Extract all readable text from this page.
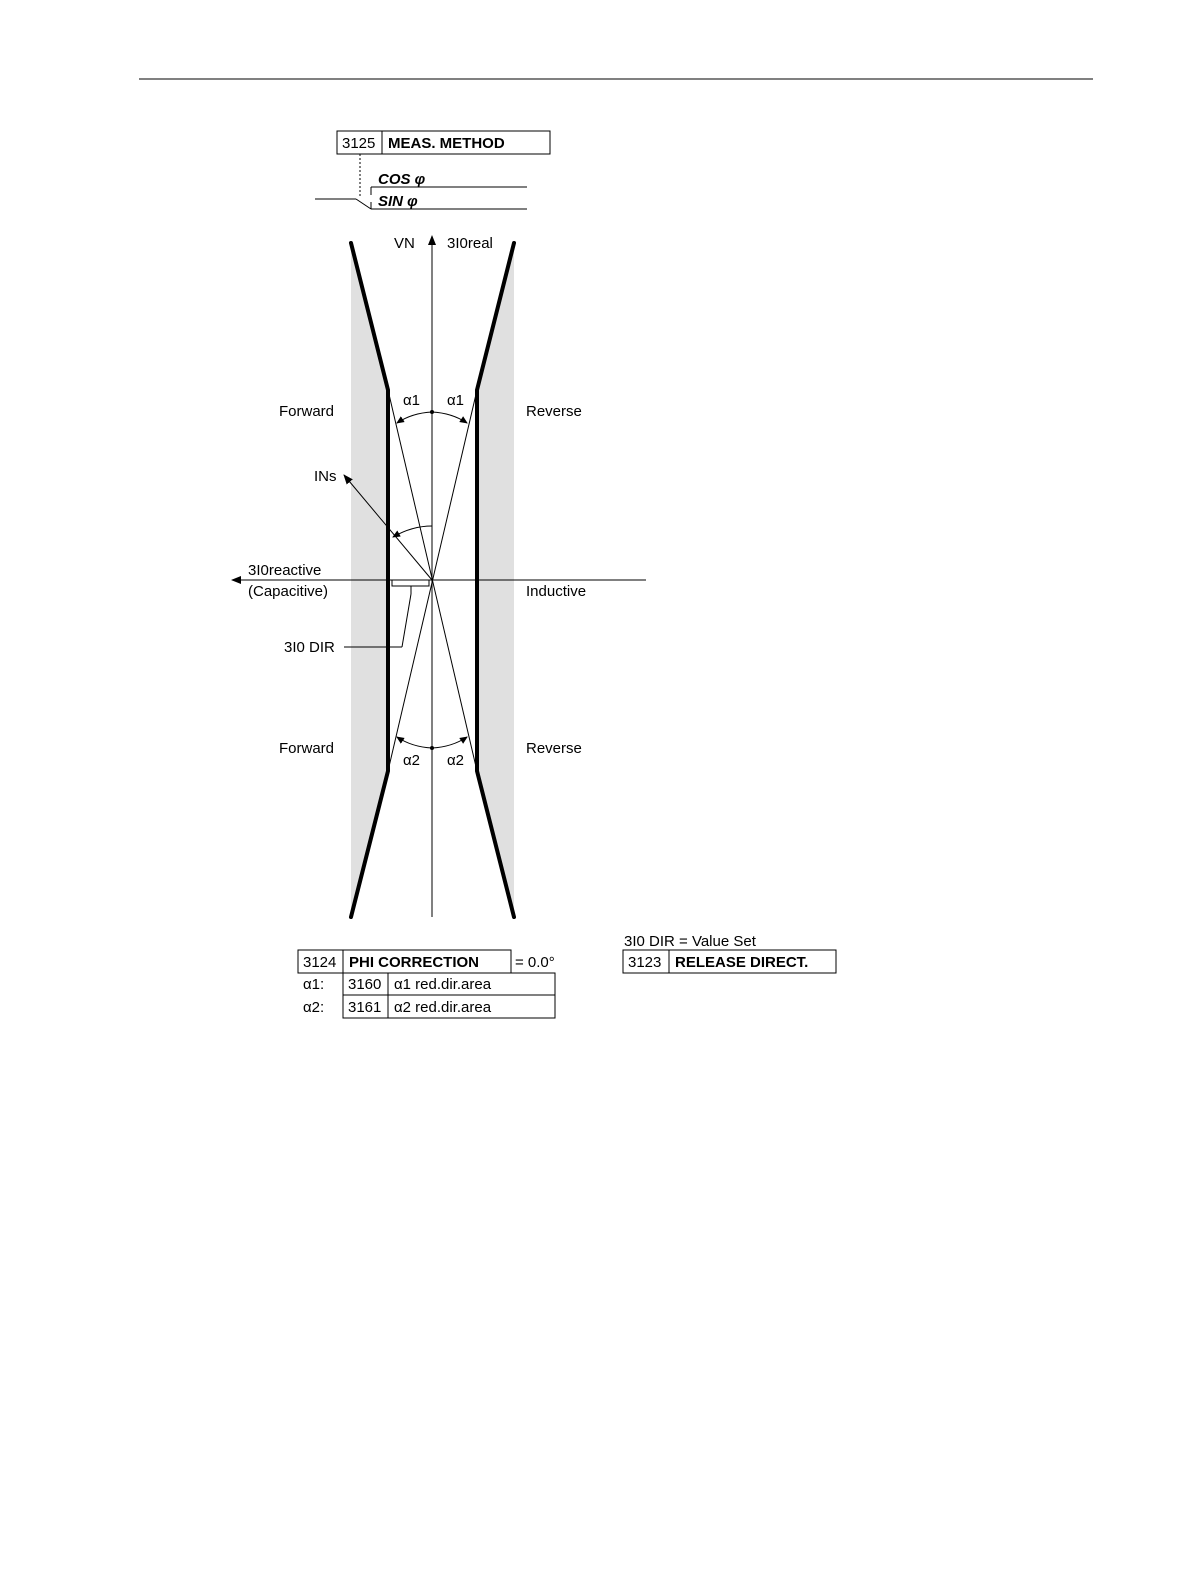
3125 MEAS. METHOD
COS φ
SIN φ
VN 3I0real
Forward	Reverse
α1 α1
INs
3I0reactive
(Capacitive)	Inductive
3I0 DIR
Forward	Reverse
α2 α2
3124 PHI CORRECTION = 0.0°
α1: 3160 α1 red.dir.area
α2: 3161 α2 red.dir.area
3I0 DIR = Value Set
3123 RELEASE DIRECT.
